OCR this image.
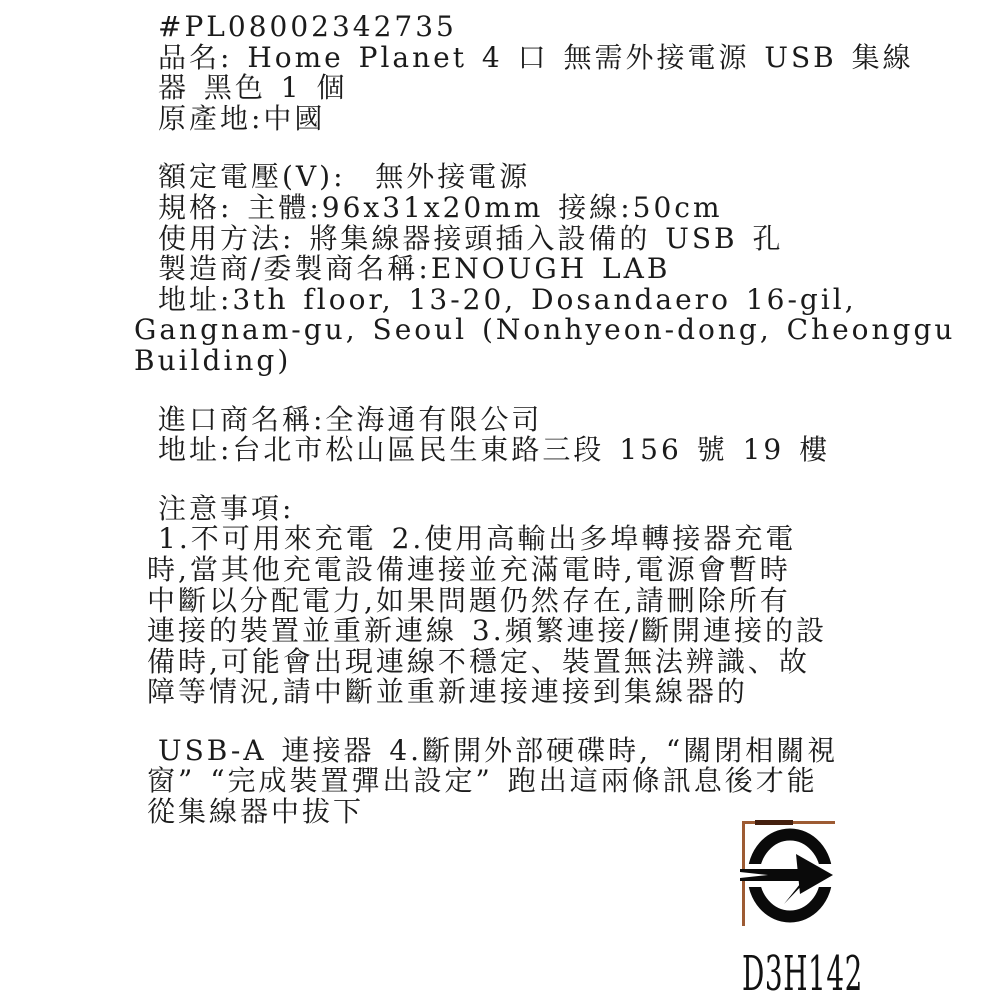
#PL08002342735
品名: Home Planet 4 口 無需外接電源 USB 集線
器 黑色 1 個
原產地:中國
額定電壓(V):  無外接電源
規格: 主體:96x31x20mm 接線:50cm
使用方法: 將集線器接頭插入設備的 USB 孔
製造商/委製商名稱:ENOUGH LAB
地址:3th floor, 13-20, Dosandaero 16-gil,
Gangnam-gu, Seoul (Nonhyeon-dong, Cheonggu
Building)
進口商名稱:全海通有限公司
地址:台北市松山區民生東路三段 156 號 19 樓
注意事項:
1.不可用來充電 2.使用高輸出多埠轉接器充電
時,當其他充電設備連接並充滿電時,電源會暫時
中斷以分配電力,如果問題仍然存在,請刪除所有
連接的裝置並重新連線 3.頻繁連接/斷開連接的設
備時,可能會出現連線不穩定、裝置無法辨識、故
障等情況,請中斷並重新連接連接到集線器的
USB-A 連接器 4.斷開外部硬碟時, “關閉相關視
窗” “完成裝置彈出設定” 跑出這兩條訊息後才能
從集線器中拔下
D3H142
